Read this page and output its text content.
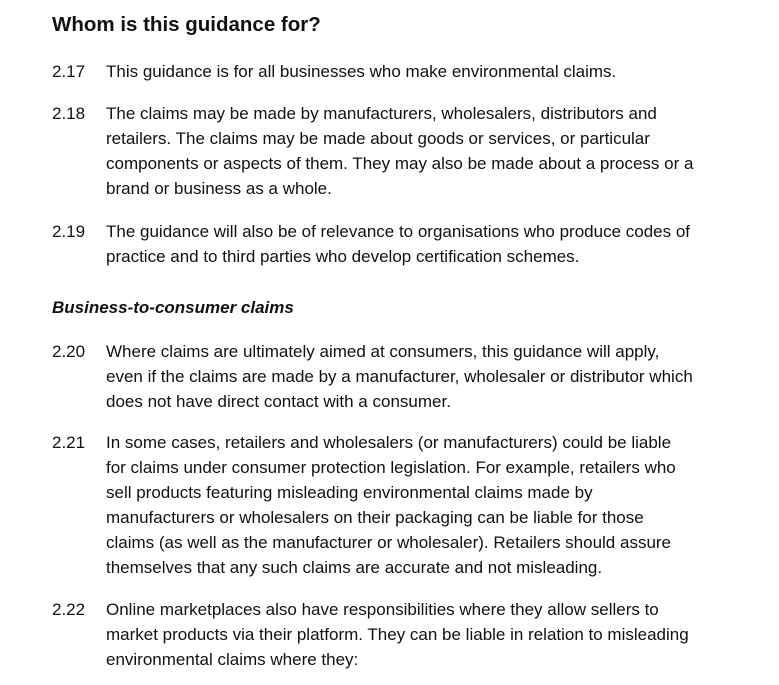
Whom is this guidance for?
2.17 This guidance is for all businesses who make environmental claims.
2.18 The claims may be made by manufacturers, wholesalers, distributors and
retailers. The claims may be made about goods or services, or particular
components or aspects of them. They may also be made about a process or a
brand or business as a whole.
2.19 The guidance will also be of relevance to organisations who produce codes of
practice and to third parties who develop certification schemes.
Business-to-consumer claims
2.20 Where claims are ultimately aimed at consumers, this guidance will apply,
even if the claims are made by a manufacturer, wholesaler or distributor which
does not have direct contact with a consumer.
2.21 In some cases, retailers and wholesalers (or manufacturers) could be liable
for claims under consumer protection legislation. For example, retailers who
sell products featuring misleading environmental claims made by
manufacturers or wholesalers on their packaging can be liable for those
claims (as well as the manufacturer or wholesaler). Retailers should assure
themselves that any such claims are accurate and not misleading.
2.22 Online marketplaces also have responsibilities where they allow sellers to
market products via their platform. They can be liable in relation to misleading
environmental claims where they:
